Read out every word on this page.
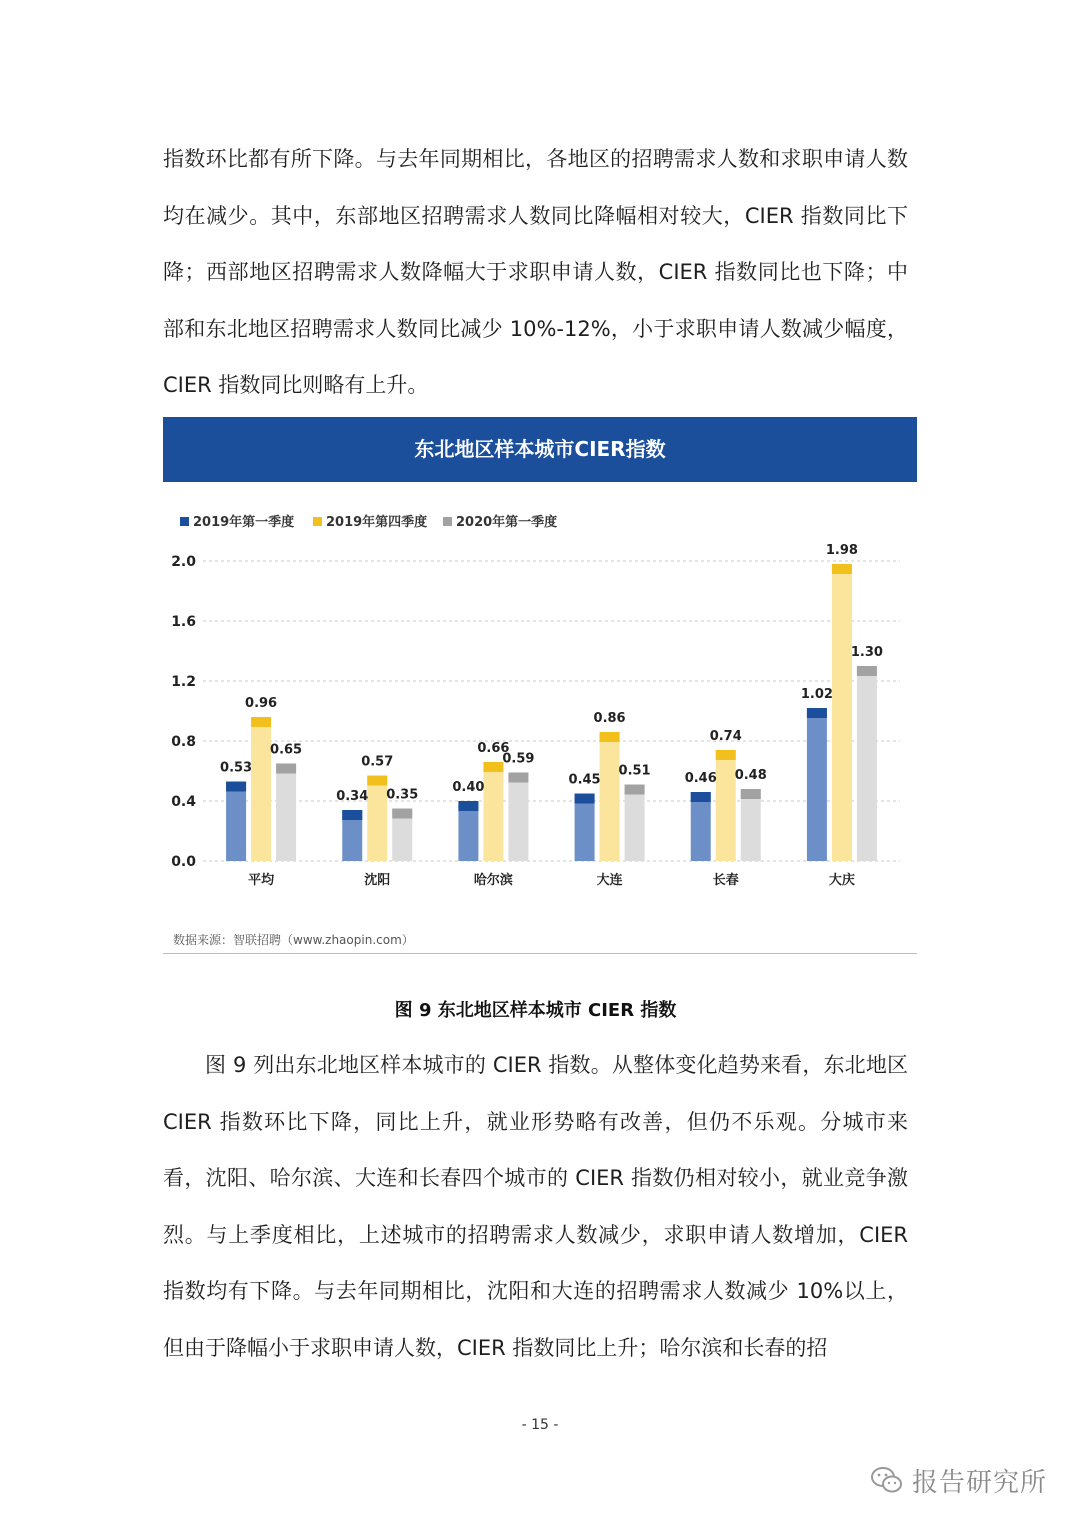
指数环比都有所下降。与去年同期相比，各地区的招聘需求人数和求职申请人数均在减少。其中，东部地区招聘需求人数同比降幅相对较大，CIER 指数同比下降；西部地区招聘需求人数降幅大于求职申请人数，CIER 指数同比也下降；中部和东北地区招聘需求人数同比减少 10%-12%，小于求职申请人数减少幅度，CIER 指数同比则略有上升。

东北地区样本城市CIER指数
2019年第一季度 2019年第四季度 2020年第一季度
0.0
0.4
0.8
1.2
1.6
2.0
0.53
0.96
0.65
0.34
0.57
0.35	0.40
0.66
0.59
0.45
0.86
0.51	0.46
0.74
0.48
1.02
1.98
1.30
平均	沈阳	哈尔滨	大连	长春	大庆
数据来源：智联招聘（www.zhaopin.com）
图 9 东北地区样本城市 CIER 指数

图 9 列出东北地区样本城市的 CIER 指数。从整体变化趋势来看，东北地区 CIER 指数环比下降，同比上升，就业形势略有改善，但仍不乐观。分城市来看，沈阳、哈尔滨、大连和长春四个城市的 CIER 指数仍相对较小，就业竞争激烈。与上季度相比，上述城市的招聘需求人数减少，求职申请人数增加，CIER 指数均有下降。与去年同期相比，沈阳和大连的招聘需求人数减少 10%以上，但由于降幅小于求职申请人数，CIER 指数同比上升；哈尔滨和长春的招

- 15 -
报告研究所
